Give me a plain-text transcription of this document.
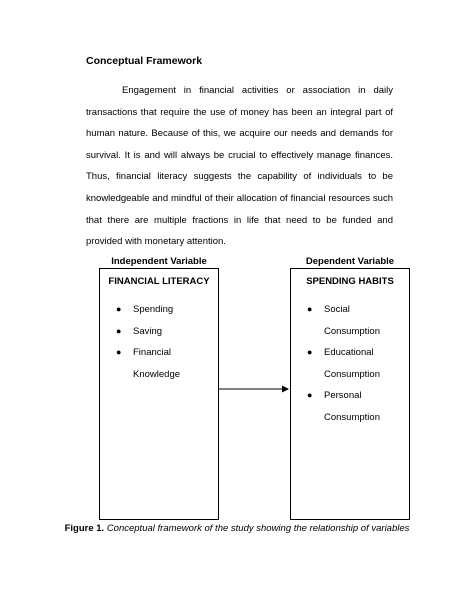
Conceptual Framework

Engagement in financial activities or association in daily transactions that require the use of money has been an integral part of human nature. Because of this, we acquire our needs and demands for survival. It is and will always be crucial to effectively manage finances. Thus, financial literacy suggests the capability of individuals to be knowledgeable and mindful of their allocation of financial resources such that there are multiple fractions in life that need to be funded and provided with monetary attention.

Independent Variable	Dependent Variable
FINANCIAL LITERACY
● Spending
● Saving
● Financial Knowledge
SPENDING HABITS
● Social Consumption
● Educational Consumption
● Personal Consumption
Figure 1. Conceptual framework of the study showing the relationship of variables
